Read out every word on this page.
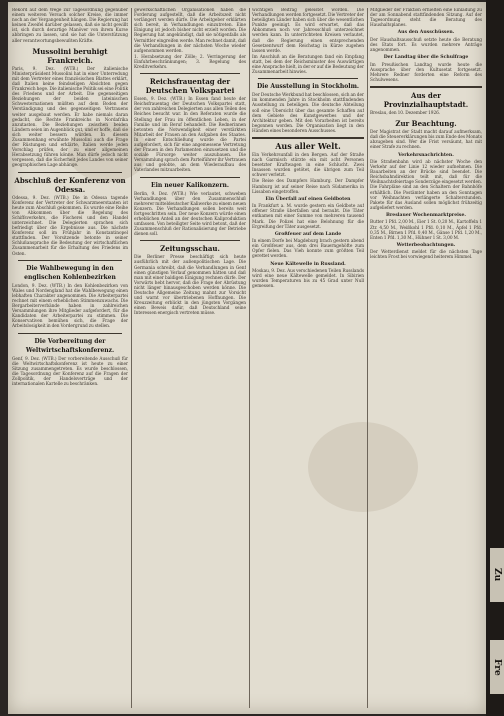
Rekord auf dem Wege zur Tagesordnung gegenüber einem weiteren Versuch solcher Kreise, die immer noch an der Vergangenheit hängen. Die Regierung hat keinen Zweifel darüber gelassen, daß sie nicht gewillt ist, sich durch derartige Manöver von ihrem Kurse abbringen zu lassen, und sie hat die Unterstützung aller verantwortungsbewußten Kräfte.

Mussolini beruhigt Frankreich.

Paris, 9. Dez. (WTB.) Der italienische Ministerpräsident Mussolini hat in einer Unterredung mit dem Vertreter eines französischen Blattes erklärt, daß Italien keine feindseligen Absichten gegen Frankreich hege. Die italienische Politik sei eine Politik des Friedens und der Arbeit. Die gegenseitigen Beziehungen der beiden lateinischen Schwesternationen müßten auf dem Boden der Verständigung und des gegenseitigen Vertrauens weiter ausgebaut werden. Er habe niemals daran gedacht, die Rechte Frankreichs in Nordafrika anzutasten. Die Beziehungen zwischen beiden Ländern seien im Augenblick gut, und er hoffe, daß sie sich weiter bessern würden. In diesem Zusammenhang erwähnte Mussolini auch die Frage der Rüstungen und erklärte, Italien werde jeden Vorschlag prüfen, der zu einer allgemeinen Herabsetzung führen könne. Man dürfe jedoch nicht vergessen, daß die Sicherheit jedes Landes von seiner geographischen Lage abhänge.

Abschluß der Konferenz von Odessa.

Odessa, 9. Dez. (WTB.) Die in Odessa tagende Konferenz der Vertreter der Schwarzmeerstaaten ist heute zum Abschluß gekommen. Es wurde eine Reihe von Abkommen über die Regelung des Schiffsverkehrs, die Fischerei und den Handel unterzeichnet. Die Delegierten sprachen sich befriedigt über die Ergebnisse aus. Die nächste Konferenz soll im Frühjahr in Konstantinopel stattfinden. Der Vorsitzende betonte in seiner Schlußansprache die Bedeutung der wirtschaftlichen Zusammenarbeit für die Erhaltung des Friedens im Osten.

Die Wahlbewegung in den englischen Kohlenbezirken

London, 9. Dez. (WTB.) In den Kohlenbezirken von Wales und Nordengland hat die Wahlbewegung einen lebhaften Charakter angenommen. Die Arbeiterpartei rechnet mit einem erheblichen Stimmenzuwachs. Die Bergarbeiterverbände haben in zahlreichen Versammlungen ihre Mitglieder aufgefordert, für die Kandidaten der Arbeiterpartei zu stimmen. Die Konservativen bemühen sich, die Frage der Arbeitslosigkeit in den Vordergrund zu stellen.

Die Vorbereitung der Weltwirtschaftskonferenz.

Genf, 9. Dez. (WTB.) Der vorbereitende Ausschuß für die Weltwirtschaftskonferenz ist heute zu einer Sitzung zusammengetreten. Es wurde beschlossen, die Tagesordnung der Konferenz auf die Fragen der Zollpolitik, der Handelsverträge und der internationalen Kartelle zu beschränken.

gewerkschaftlichen Organisationen haben die Forderung aufgestellt, daß die Arbeitszeit nicht verlängert werden dürfe. Die Arbeitgeber erklärten sich bereit, in Verhandlungen einzutreten. Eine Einigung ist jedoch bisher nicht erzielt worden. Die Regierung hat angekündigt, daß sie nötigenfalls als Vermittler eingreifen werde. Man rechnet damit, daß die Verhandlungen in der nächsten Woche wieder aufgenommen werden.

1. Herabsetzung der Zölle; 2. Verringerung der Einfuhrbeschränkungen; 3. Regelung des Kreditverkehrs.

Reichsfrauentag der Deutschen Volkspartei

Essen, 9. Dez. (WTB.) In Essen fand heute der Reichsfrauentag der Deutschen Volkspartei statt, der von zahlreichen Delegierten aus allen Teilen des Reiches besucht war. In den Referaten wurde die Stellung der Frau im öffentlichen Leben, in der Familie und im Beruf behandelt. Die Rednerinnen betonten die Notwendigkeit einer verstärkten Mitarbeit der Frauen an den Aufgaben des Staates. In einer Entschließung wurde die Partei aufgefordert, sich für eine angemessene Vertretung der Frauen in den Parlamenten einzusetzen und die soziale Fürsorge weiter auszubauen. Die Versammlung sprach dem Parteiführer ihr Vertrauen aus und gelobte, an dem Wiederaufbau des Vaterlandes mitzuarbeiten.

Ein neuer Kalikonzern.

Berlin, 9. Dez. (WTB.) Wie verlautet, schweben Verhandlungen über den Zusammenschluß mehrerer mitteldeutscher Kaliwerke zu einem neuen Konzern. Die Verhandlungen sollen bereits weit fortgeschritten sein. Der neue Konzern würde einen erheblichen Anteil an der deutschen Kaliproduktion umfassen. Von beteiligter Seite wird betont, daß der Zusammenschluß der Rationalisierung der Betriebe dienen soll.

Zeitungsschau.

Die Berliner Presse beschäftigt sich heute ausführlich mit der außenpolitischen Lage. Die Germania schreibt, daß die Verhandlungen in Genf einen günstigen Verlauf genommen hätten und daß man mit einer baldigen Einigung rechnen dürfe. Der Vorwärts hebt hervor, daß die Frage der Abrüstung nicht länger hinausgeschoben werden könne. Die Deutsche Allgemeine Zeitung mahnt zur Vorsicht und warnt vor übertriebenen Hoffnungen. Die Kreuzzeitung erblickt in den jüngsten Vorgängen einen Beweis dafür, daß Deutschland seine Interessen energisch vertreten müsse.

wichtigen Beitrag geleistet worden. Die Verhandlungen werden fortgesetzt. Die Vertreter der beteiligten Länder haben sich über die wesentlichen Punkte geeinigt. Es wird erwartet, daß das Abkommen noch vor Jahresschluß unterzeichnet werden kann. In unterrichteten Kreisen verlautet, daß die Regierung einen entsprechenden Gesetzentwurf dem Reichstag in Kürze zugehen lassen werde.

Im Anschluß an die Beratungen fand ein Empfang statt, bei dem der Reichsminister des Auswärtigen eine Ansprache hielt, in der er auf die Bedeutung der Zusammenarbeit hinwies.

Die Ausstellung in Stockholm.

Der Deutsche Werkbund hat beschlossen, sich an der im kommenden Jahre in Stockholm stattfindenden Ausstellung zu beteiligen. Die deutsche Abteilung soll eine Übersicht über das gesamte Schaffen auf dem Gebiete des Kunstgewerbes und der Architektur geben. Mit den Vorarbeiten ist bereits begonnen worden. Die Organisation liegt in den Händen eines besonderen Ausschusses.

Aus aller Welt.

Ein Verkehrsunfall in den Bergen. Auf der Straße nach Garmisch stürzte ein mit acht Personen besetzter Kraftwagen in eine Schlucht. Zwei Insassen wurden getötet, die übrigen zum Teil schwer verletzt.

Die Reise des Dampfers Hamburg. Der Dampfer Hamburg ist auf seiner Reise nach Südamerika in Lissabon eingetroffen.

Ein Überfall auf einen Geldboten

In Frankfurt a. M. wurde gestern ein Geldbote auf offener Straße überfallen und beraubt. Die Täter entkamen mit einer Summe von mehreren tausend Mark. Die Polizei hat eine Belohnung für die Ergreifung der Täter ausgesetzt.

Großfeuer auf dem Lande

In einem Dorfe bei Magdeburg brach gestern abend ein Großfeuer aus, dem drei Bauerngehöfte zum Opfer fielen. Das Vieh konnte zum größten Teil gerettet werden.

Neue Kältewelle in Russland.

Moskau, 9. Dez. Aus verschiedenen Teilen Russlands wird eine neue Kältewelle gemeldet. In Sibirien wurden Temperaturen bis zu 45 Grad unter Null gemessen.

Mitglieder der Fraktion erhielten eine Einladung zu der am Sonnabend stattfindenden Sitzung. Auf der Tagesordnung steht die Beratung des Haushaltsplanes.

Aus den Ausschüssen.

Der Haushaltsausschuß setzte heute die Beratung des Etats fort. Es wurden mehrere Anträge angenommen.

Der Landtag über die Schulfrage

Im Preußischen Landtag wurde heute die Aussprache über den Kultusetat fortgesetzt. Mehrere Redner forderten eine Reform des Schulwesens.

Aus der Provinzialhauptstadt.

Breslau, den 10. Dezember 1926.

Zur Beachtung.

Der Magistrat der Stadt macht darauf aufmerksam, daß die Steuererklärungen bis zum Ende des Monats abzugeben sind. Wer die Frist versäumt, hat mit einer Strafe zu rechnen.

Verkehrsnachrichten.

Die Straßenbahn wird ab nächster Woche den Verkehr auf der Linie 12 wieder aufnehmen. Die Bauarbeiten an der Brücke sind beendet. Die Reichsbahndirektion teilt mit, daß für die Weihnachtsfeiertage Sonderzüge eingesetzt werden. Die Fahrpläne sind an den Schaltern der Bahnhöfe erhältlich. Die Postämter haben an den Sonntagen vor Weihnachten verlängerte Schalterstunden. Pakete für das Ausland sollen möglichst frühzeitig aufgeliefert werden.

Breslauer Wochenmarktpreise.

Butter 1 Pfd. 2,00 M., Eier 1 St. 0,20 M., Kartoffeln 1 Ztr. 4,50 M., Weißkohl 1 Pfd. 0,10 M., Äpfel 1 Pfd. 0,35 M., Birnen 1 Pfd. 0,40 M., Gänse 1 Pfd. 1,20 M., Enten 1 Pfd. 1,30 M., Hühner 1 St. 3,00 M.

Wetterbeobachtungen.

Der Wetterdienst meldet für die nächsten Tage leichten Frost bei vorwiegend heiterem Himmel.

Zu
Fre
